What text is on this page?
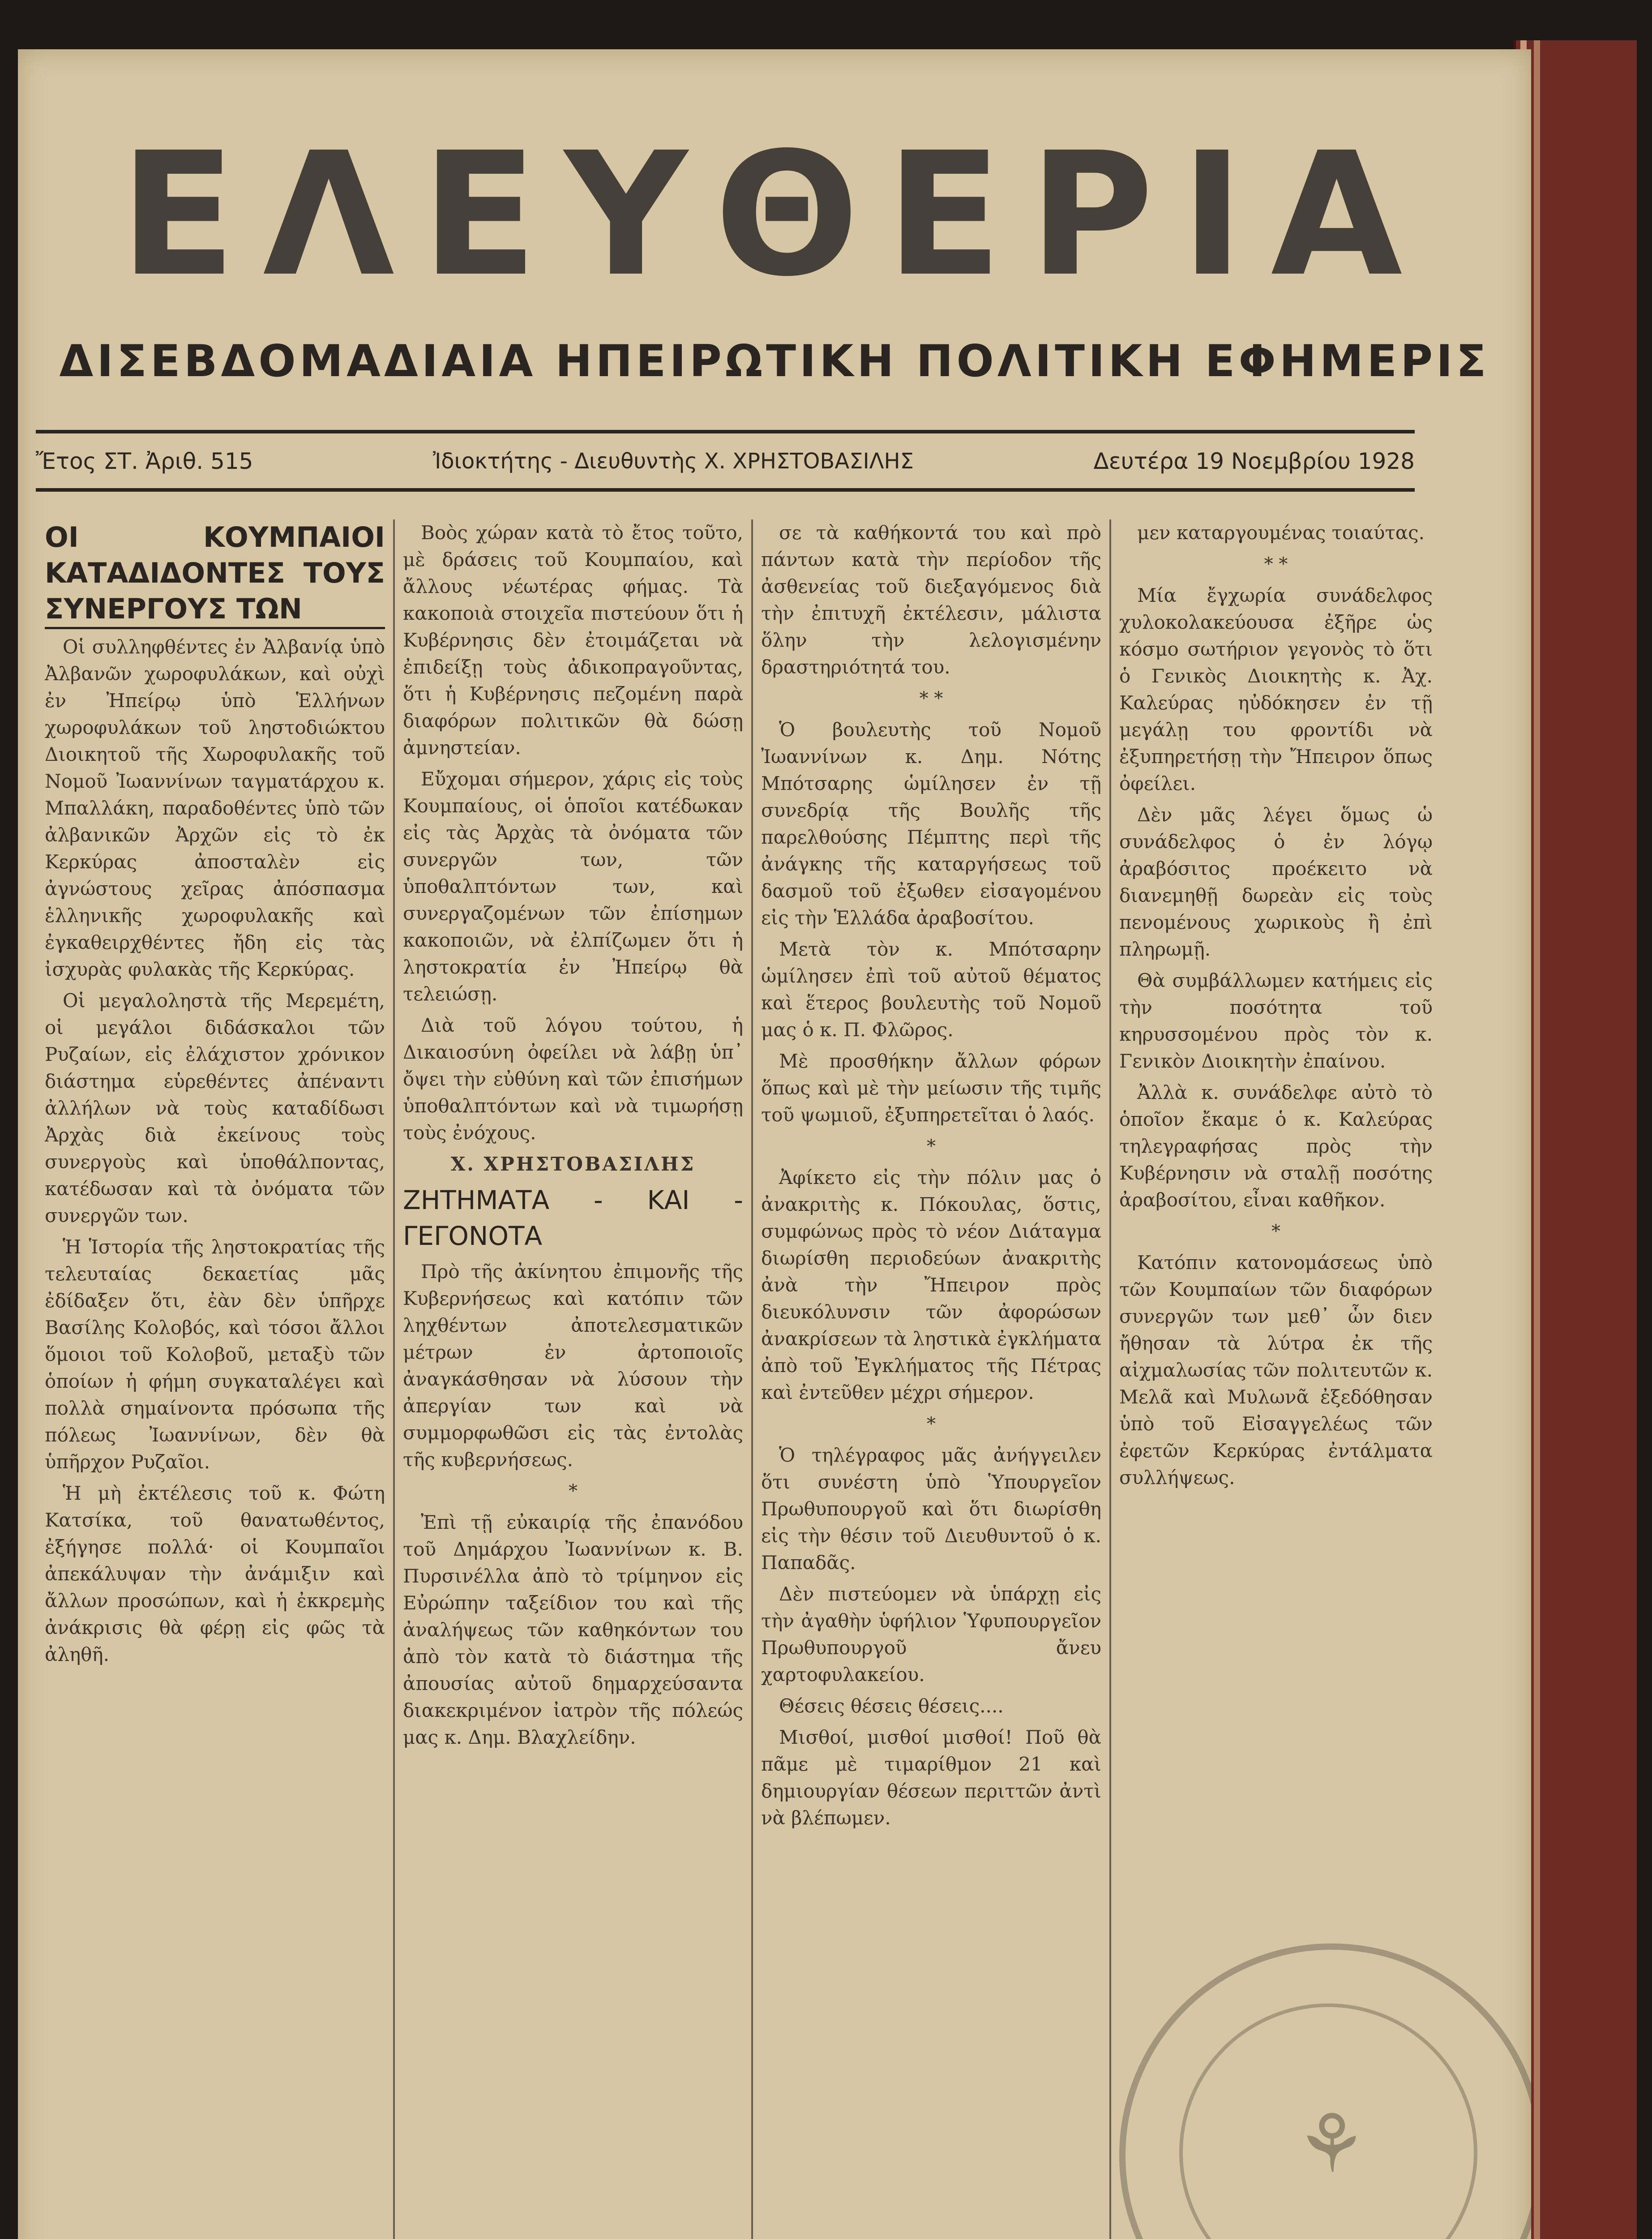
ΕΛΕΥΘΕΡΙΑ
ΔΙΣΕΒΔΟΜΑΔΙΑΙΑ ΗΠΕΙΡΩΤΙΚΗ ΠΟΛΙΤΙΚΗ ΕΦΗΜΕΡΙΣ
Ἔτος ΣΤ. Ἀριθ. 515	Ἰδιοκτήτης - Διευθυντὴς Χ. ΧΡΗΣΤΟΒΑΣΙΛΗΣ	Δευτέρα 19 Νοεμβρίου 1928

ΟΙ ΚΟΥΜΠΑΙΟΙ ΚΑΤΑΔΙΔΟΝΤΕΣ ΤΟΥΣ ΣΥΝΕΡΓΟΥΣ ΤΩΝ

Οἱ συλληφθέντες ἐν Ἀλβανίᾳ ὑπὸ Ἀλβανῶν χωροφυλάκων, καὶ οὐχὶ ἐν Ἠπείρῳ ὑπὸ Ἑλλήνων χωροφυλάκων τοῦ ληστοδιώκτου Διοικητοῦ τῆς Χωροφυλακῆς τοῦ Νομοῦ Ἰωαννίνων ταγματάρχου κ. Μπαλλάκη, παραδοθέντες ὑπὸ τῶν ἀλβανικῶν Ἀρχῶν εἰς τὸ ἐκ Κερκύρας ἀποσταλὲν εἰς ἀγνώστους χεῖρας ἀπόσπασμα ἑλληνικῆς χωροφυλακῆς καὶ ἐγκαθειρχθέντες ἤδη εἰς τὰς ἰσχυρὰς φυλακὰς τῆς Κερκύρας.

Οἱ μεγαλοληστὰ τῆς Μερεμέτη, οἱ μεγάλοι διδάσκαλοι τῶν Ρυζαίων, εἰς ἐλάχιστον χρόνικον διάστημα εὑρεθέντες ἀπέναντι ἀλλήλων νὰ τοὺς καταδίδωσι Ἀρχὰς διὰ ἐκείνους τοὺς συνεργοὺς καὶ ὑποθάλποντας, κατέδωσαν καὶ τὰ ὀνόματα τῶν συνεργῶν των.

Ἡ Ἱστορία τῆς ληστοκρατίας τῆς τελευταίας δεκαετίας μᾶς ἐδίδαξεν ὅτι, ἐὰν δὲν ὑπῆρχε Βασίλης Κολοβός, καὶ τόσοι ἄλλοι ὅμοιοι τοῦ Κολοβοῦ, μεταξὺ τῶν ὁποίων ἡ φήμη συγκαταλέγει καὶ πολλὰ σημαίνοντα πρόσωπα τῆς πόλεως Ἰωαννίνων, δὲν θὰ ὑπῆρχον Ρυζαῖοι.

Ἡ μὴ ἐκτέλεσις τοῦ κ. Φώτη Κατσίκα, τοῦ θανατωθέντος, ἐξήγησε πολλά· οἱ Κουμπαῖοι ἀπεκάλυψαν τὴν ἀνάμιξιν καὶ ἄλλων προσώπων, καὶ ἡ ἐκκρεμὴς ἀνάκρισις θὰ φέρῃ εἰς φῶς τὰ ἀληθῆ.

Βοὸς χώραν κατὰ τὸ ἔτος τοῦτο, μὲ δράσεις τοῦ Κουμπαίου, καὶ ἄλλους νέωτέρας φήμας. Τὰ κακοποιὰ στοιχεῖα πιστεύουν ὅτι ἡ Κυβέρνησις δὲν ἐτοιμάζεται νὰ ἐπιδείξῃ τοὺς ἀδικοπραγοῦντας, ὅτι ἡ Κυβέρνησις πεζομένη παρὰ διαφόρων πολιτικῶν θὰ δώσῃ ἀμνηστείαν.

Εὔχομαι σήμερον, χάρις εἰς τοὺς Κουμπαίους, οἱ ὁποῖοι κατέδωκαν εἰς τὰς Ἀρχὰς τὰ ὀνόματα τῶν συνεργῶν των, τῶν ὑποθαλπτόντων των, καὶ συνεργαζομένων τῶν ἐπίσημων κακοποιῶν, νὰ ἐλπίζωμεν ὅτι ἡ ληστοκρατία ἐν Ἠπείρῳ θὰ τελειώσῃ.

Διὰ τοῦ λόγου τούτου, ἡ Δικαιοσύνη ὀφείλει νὰ λάβῃ ὑπ᾽ ὄψει τὴν εὐθύνη καὶ τῶν ἐπισήμων ὑποθαλπτόντων καὶ νὰ τιμωρήσῃ τοὺς ἐνόχους.

Χ. ΧΡΗΣΤΟΒΑΣΙΛΗΣ

ΖΗΤΗΜΑΤΑ - ΚΑΙ - ΓΕΓΟΝΟΤΑ

Πρὸ τῆς ἀκίνητου ἐπιμονῆς τῆς Κυβερνήσεως καὶ κατόπιν τῶν ληχθέντων ἀποτελεσματικῶν μέτρων ἐν ἀρτοποιοῖς ἀναγκάσθησαν νὰ λύσουν τὴν ἀπεργίαν των καὶ νὰ συμμορφωθῶσι εἰς τὰς ἐντολὰς τῆς κυβερνήσεως.

*

Ἐπὶ τῇ εὐκαιρίᾳ τῆς ἐπανόδου τοῦ Δημάρχου Ἰωαννίνων κ. Β. Πυρσινέλλα ἀπὸ τὸ τρίμηνον εἰς Εὐρώπην ταξείδιον του καὶ τῆς ἀναλήψεως τῶν καθηκόντων του ἀπὸ τὸν κατὰ τὸ διάστημα τῆς ἀπουσίας αὐτοῦ δημαρχεύσαντα διακεκριμένον ἰατρὸν τῆς πόλεώς μας κ. Δημ. Βλαχλείδην.

σε τὰ καθήκοντά του καὶ πρὸ πάντων κατὰ τὴν περίοδον τῆς ἀσθενείας τοῦ διεξαγόμενος διὰ τὴν ἐπιτυχῆ ἐκτέλεσιν, μάλιστα ὅλην τὴν λελογισμένην δραστηριότητά του.

* *

Ὁ βουλευτὴς τοῦ Νομοῦ Ἰωαννίνων κ. Δημ. Νότης Μπότσαρης ὡμίλησεν ἐν τῇ συνεδρίᾳ τῆς Βουλῆς τῆς παρελθούσης Πέμπτης περὶ τῆς ἀνάγκης τῆς καταργήσεως τοῦ δασμοῦ τοῦ ἐξωθεν εἰσαγομένου εἰς τὴν Ἑλλάδα ἀραβοσίτου.

Μετὰ τὸν κ. Μπότσαρην ὡμίλησεν ἐπὶ τοῦ αὐτοῦ θέματος καὶ ἕτερος βουλευτὴς τοῦ Νομοῦ μας ὁ κ. Π. Φλῶρος.

Μὲ προσθήκην ἄλλων φόρων ὅπως καὶ μὲ τὴν μείωσιν τῆς τιμῆς τοῦ ψωμιοῦ, ἐξυπηρετεῖται ὁ λαός.

*

Ἀφίκετο εἰς τὴν πόλιν μας ὁ ἀνακριτὴς κ. Πόκουλας, ὅστις, συμφώνως πρὸς τὸ νέον Διάταγμα διωρίσθη περιοδεύων ἀνακριτὴς ἀνὰ τὴν Ἤπειρον πρὸς διευκόλυνσιν τῶν ἀφορώσων ἀνακρίσεων τὰ ληστικὰ ἐγκλήματα ἀπὸ τοῦ Ἐγκλήματος τῆς Πέτρας καὶ ἐντεῦθεν μέχρι σήμερον.

*

Ὁ τηλέγραφος μᾶς ἀνήγγειλεν ὅτι συνέστη ὑπὸ Ὑπουργεῖον Πρωθυπουργοῦ καὶ ὅτι διωρίσθη εἰς τὴν θέσιν τοῦ Διευθυντοῦ ὁ κ. Παπαδᾶς.

Δὲν πιστεύομεν νὰ ὑπάρχῃ εἰς τὴν ἀγαθὴν ὑφήλιον Ὑφυπουργεῖον Πρωθυπουργοῦ ἄνευ χαρτοφυλακείου.

Θέσεις θέσεις θέσεις....

Μισθοί, μισθοί μισθοί! Ποῦ θὰ πᾶμε μὲ τιμαρίθμον 21 καὶ δημιουργίαν θέσεων περιττῶν ἀντὶ νὰ βλέπωμεν.

μεν καταργουμένας τοιαύτας.

* *

Μία ἔγχωρία συνάδελφος χυλοκολακεύουσα ἐξῆρε ὡς κόσμο σωτήριον γεγονὸς τὸ ὅτι ὁ Γενικὸς Διοικητὴς κ. Ἀχ. Καλεύρας ηὐδόκησεν ἐν τῇ μεγάλῃ του φροντίδι νὰ ἐξυπηρετήσῃ τὴν Ἤπειρον ὅπως ὀφείλει.

Δὲν μᾶς λέγει ὅμως ὡ συνάδελφος ὁ ἐν λόγῳ ἀραβόσιτος προέκειτο νὰ διανεμηθῇ δωρεὰν εἰς τοὺς πενομένους χωρικοὺς ἢ ἐπὶ πληρωμῇ.

Θὰ συμβάλλωμεν κατήμεις εἰς τὴν ποσότητα τοῦ κηρυσσομένου πρὸς τὸν κ. Γενικὸν Διοικητὴν ἐπαίνου.

Ἀλλὰ κ. συνάδελφε αὐτὸ τὸ ὁποῖον ἔκαμε ὁ κ. Καλεύρας τηλεγραφήσας πρὸς τὴν Κυβέρνησιν νὰ σταλῇ ποσότης ἀραβοσίτου, εἶναι καθῆκον.

*

Κατόπιν κατονομάσεως ὑπὸ τῶν Κουμπαίων τῶν διαφόρων συνεργῶν των μεθ᾽ ὧν διεν ἤθησαν τὰ λύτρα ἐκ τῆς αἰχμαλωσίας τῶν πολιτευτῶν κ. Μελᾶ καὶ Μυλωνᾶ ἐξεδόθησαν ὑπὸ τοῦ Εἰσαγγελέως τῶν ἐφετῶν Κερκύρας ἐντάλματα συλλήψεως.

⚘
